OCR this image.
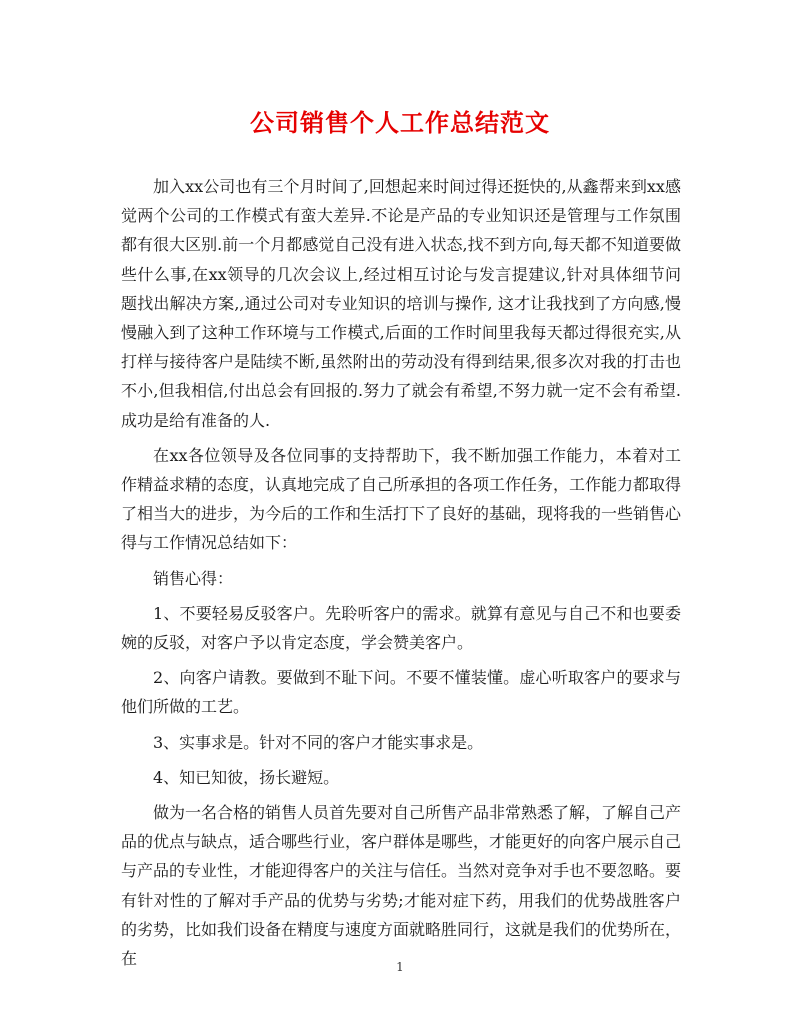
公司销售个人工作总结范文

加入xx公司也有三个月时间了,回想起来时间过得还挺快的,从鑫帮来到xx感觉两个公司的工作模式有蛮大差异.不论是产品的专业知识还是管理与工作氛围都有很大区别.前一个月都感觉自己没有进入状态,找不到方向,每天都不知道要做些什么事,在xx领导的几次会议上,经过相互讨论与发言提建议,针对具体细节问题找出解决方案,,通过公司对专业知识的培训与操作, 这才让我找到了方向感,慢慢融入到了这种工作环境与工作模式,后面的工作时间里我每天都过得很充实,从打样与接待客户是陆续不断,虽然附出的劳动没有得到结果,很多次对我的打击也不小,但我相信,付出总会有回报的.努力了就会有希望,不努力就一定不会有希望.成功是给有准备的人.

在xx各位领导及各位同事的支持帮助下，我不断加强工作能力，本着对工作精益求精的态度，认真地完成了自己所承担的各项工作任务，工作能力都取得了相当大的进步，为今后的工作和生活打下了良好的基础，现将我的一些销售心得与工作情况总结如下：

销售心得：

1、不要轻易反驳客户。先聆听客户的需求。就算有意见与自己不和也要委婉的反驳，对客户予以肯定态度，学会赞美客户。

2、向客户请教。要做到不耻下问。不要不懂装懂。虚心听取客户的要求与他们所做的工艺。

3、实事求是。针对不同的客户才能实事求是。

4、知已知彼，扬长避短。

做为一名合格的销售人员首先要对自己所售产品非常熟悉了解，了解自己产品的优点与缺点，适合哪些行业，客户群体是哪些，才能更好的向客户展示自己与产品的专业性，才能迎得客户的关注与信任。当然对竞争对手也不要忽略。要有针对性的了解对手产品的优势与劣势;才能对症下药，用我们的优势战胜客户的劣势，比如我们设备在精度与速度方面就略胜同行，这就是我们的优势所在，在	1
